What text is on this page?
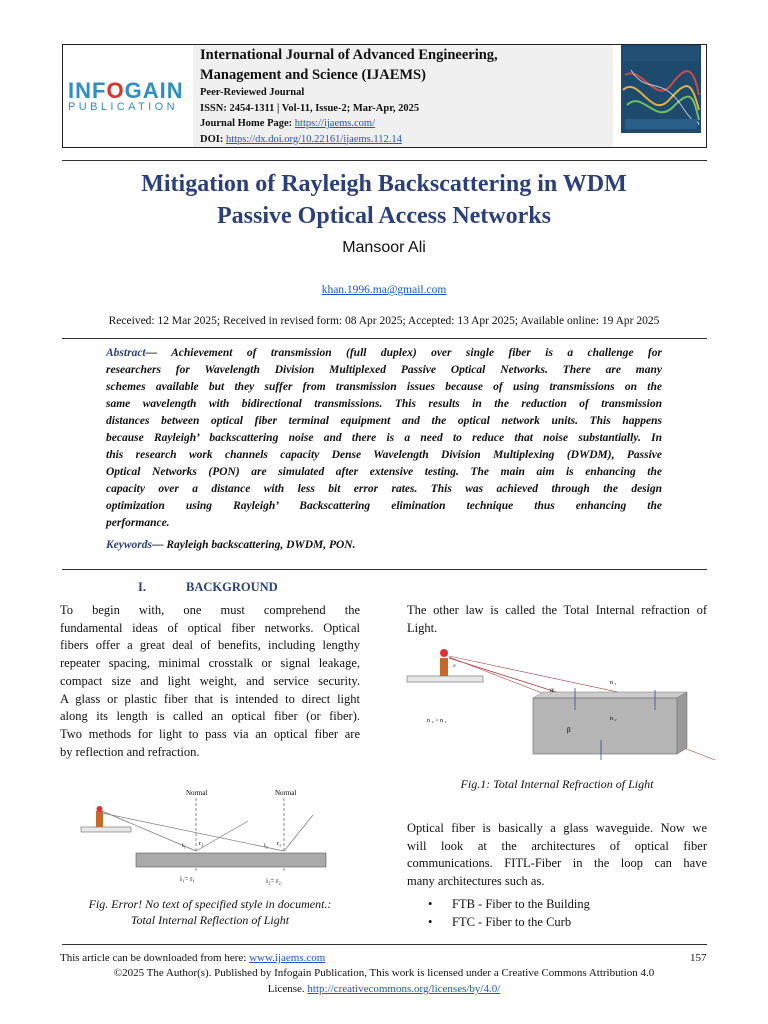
INFOGAIN
PUBLICATION
International Journal of Advanced Engineering,
Management and Science (IJAEMS)
Peer-Reviewed Journal
ISSN: 2454-1311 | Vol-11, Issue-2; Mar-Apr, 2025
Journal Home Page: https://ijaems.com/
DOI: https://dx.doi.org/10.22161/ijaems.112.14
Mitigation of Rayleigh Backscattering in WDM
Passive Optical Access Networks
Mansoor Ali
khan.1996.ma@gmail.com
Received: 12 Mar 2025; Received in revised form: 08 Apr 2025; Accepted: 13 Apr 2025; Available online: 19 Apr 2025
Abstract— Achievement of transmission (full duplex) over single fiber is a challenge for
researchers for Wavelength Division Multiplexed Passive Optical Networks. There are many
schemes available but they suffer from transmission issues because of using transmissions on the
same wavelength with bidirectional transmissions. This results in the reduction of transmission
distances between optical fiber terminal equipment and the optical network units. This happens
because Rayleigh’ backscattering noise and there is a need to reduce that noise substantially. In
this research work channels capacity Dense Wavelength Division Multiplexing (DWDM), Passive
Optical Networks (PON) are simulated after extensive testing. The main aim is enhancing the
capacity over a distance with less bit error rates. This was achieved through the design
optimization using Rayleigh’ Backscattering elimination technique thus enhancing the
performance.
Keywords— Rayleigh backscattering, DWDM, PON.
I.	BACKGROUND
To begin with, one must comprehend the
fundamental ideas of optical fiber networks. Optical
fibers offer a great deal of benefits, including lengthy
repeater spacing, minimal crosstalk or signal leakage,
compact size and light weight, and service security.
A glass or plastic fiber that is intended to direct light
along its length is called an optical fiber (or fiber).
Two methods for light to pass via an optical fiber are
by reflection and refraction.
Normal	Normal
i₁ r₁	i₂ r₂
i₁= r₁	i₂= r₂
Fig. Error! No text of specified style in document.:
Total Internal Reflection of Light
The other law is called the Total Internal refraction of
Light.
a
α
β
n ₁
n ₂
n ₂ > n ₁
Fig.1: Total Internal Refraction of Light
Optical fiber is basically a glass waveguide. Now we
will look at the architectures of optical fiber
communications. FITL-Fiber in the loop can have
many architectures such as.
• FTB - Fiber to the Building
• FTC - Fiber to the Curb
This article can be downloaded from here: www.ijaems.com	157
©2025 The Author(s). Published by Infogain Publication, This work is licensed under a Creative Commons Attribution 4.0
License. http://creativecommons.org/licenses/by/4.0/
